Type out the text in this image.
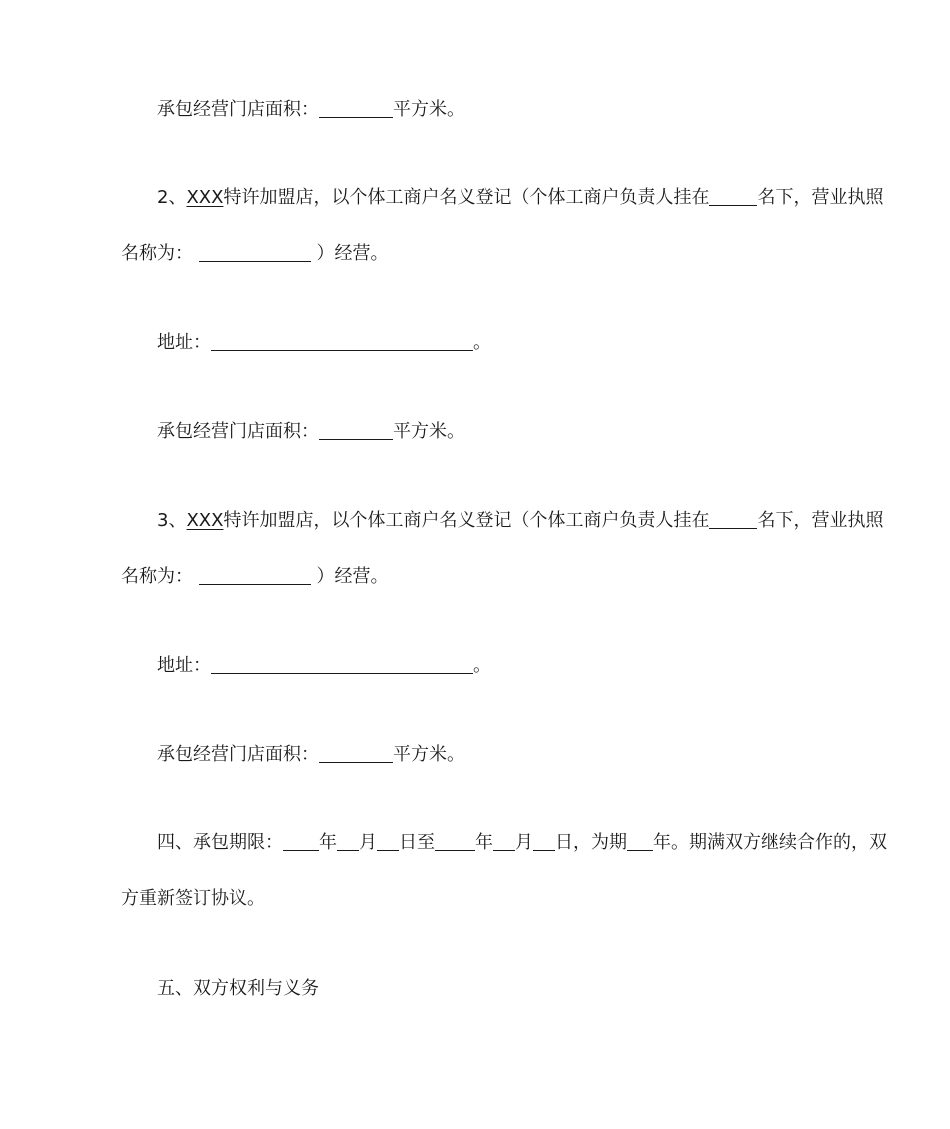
承包经营门店面积：	平方米。
2、XXX特许加盟店，以个体工商户名义登记（个体工商户负责人挂在	名下，营业执照
名称为：	）经营。
地址：	。
承包经营门店面积：	平方米。
3、XXX特许加盟店，以个体工商户名义登记（个体工商户负责人挂在	名下，营业执照
名称为：	）经营。
地址：	。
承包经营门店面积：	平方米。
四、承包期限： 年 月 日至 年 月 日，为期 年。期满双方继续合作的，双
方重新签订协议。
五、双方权利与义务
